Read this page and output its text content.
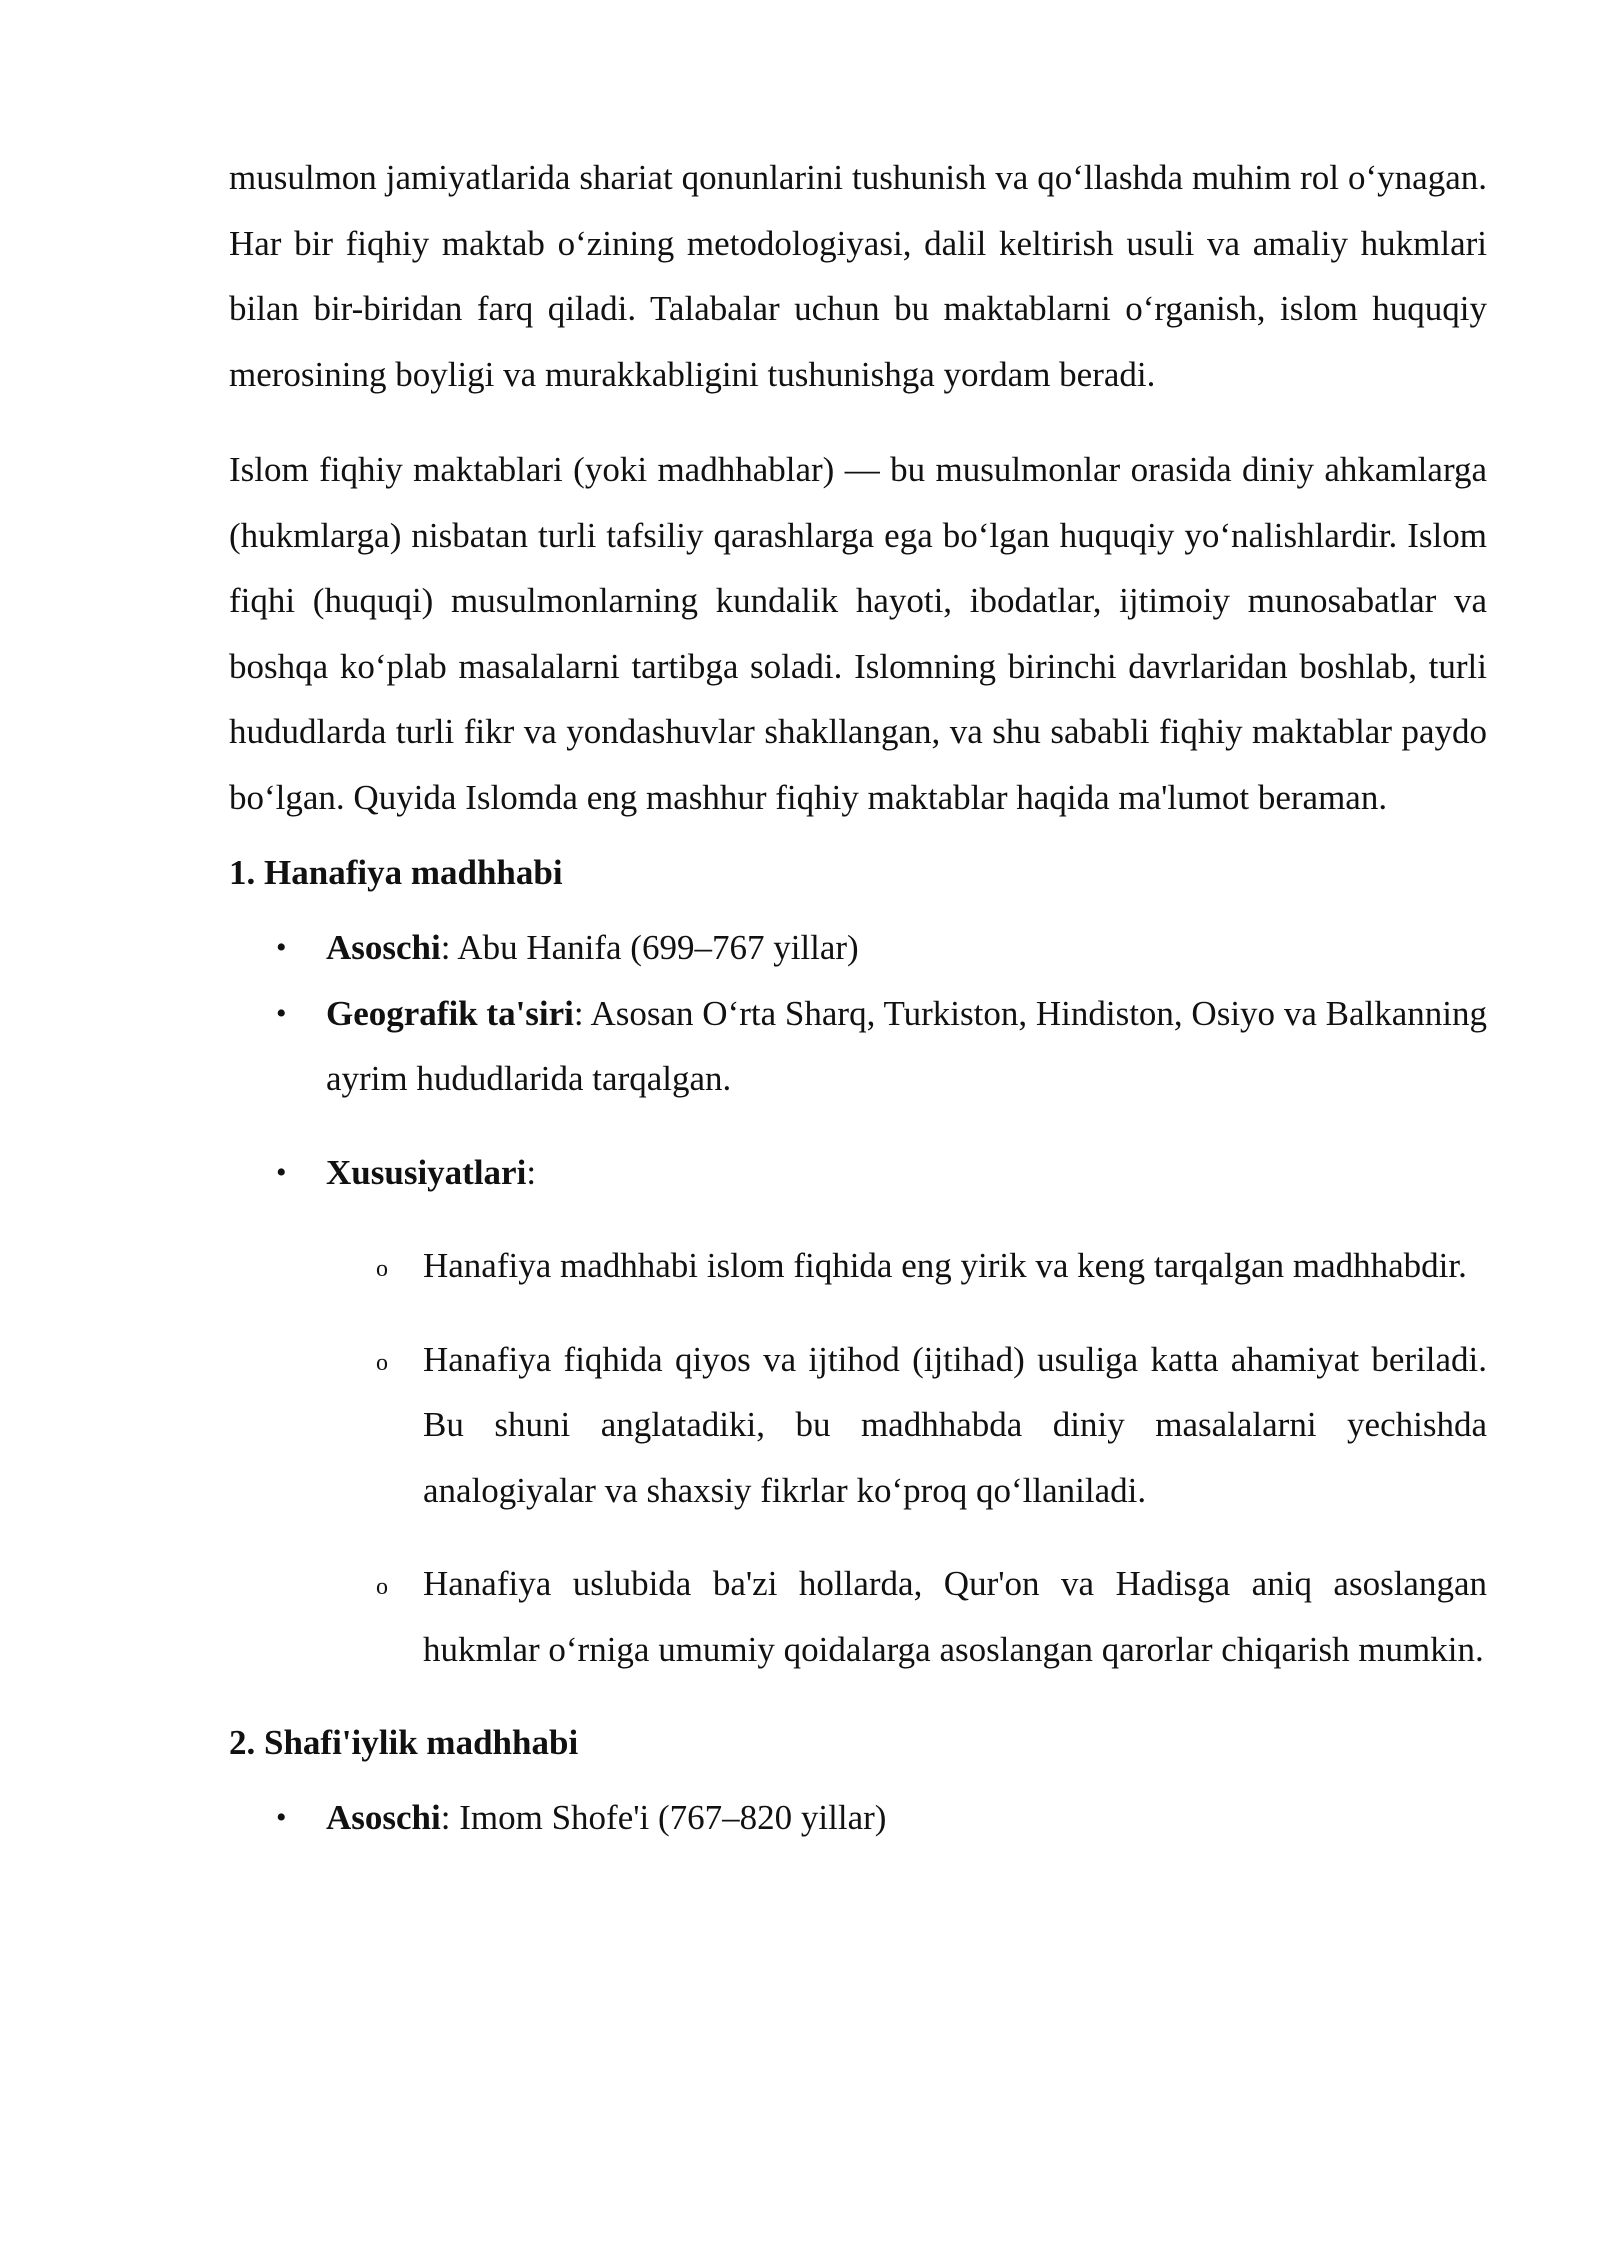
musulmon jamiyatlarida shariat qonunlarini tushunish va qo‘llashda muhim rol o‘ynagan. Har bir fiqhiy maktab o‘zining metodologiyasi, dalil keltirish usuli va amaliy hukmlari bilan bir-biridan farq qiladi. Talabalar uchun bu maktablarni o‘rganish, islom huquqiy merosining boyligi va murakkabligini tushunishga yordam beradi.

Islom fiqhiy maktablari (yoki madhhablar) — bu musulmonlar orasida diniy ahkamlarga (hukmlarga) nisbatan turli tafsiliy qarashlarga ega bo‘lgan huquqiy yo‘nalishlardir. Islom fiqhi (huquqi) musulmonlarning kundalik hayoti, ibodatlar, ijtimoiy munosabatlar va boshqa ko‘plab masalalarni tartibga soladi. Islomning birinchi davrlaridan boshlab, turli hududlarda turli fikr va yondashuvlar shakllangan, va shu sababli fiqhiy maktablar paydo bo‘lgan. Quyida Islomda eng mashhur fiqhiy maktablar haqida ma'lumot beraman.

1. Hanafiya madhhabi
• Asoschi: Abu Hanifa (699–767 yillar)
• Geografik ta'siri: Asosan O‘rta Sharq, Turkiston, Hindiston, Osiyo va Balkanning ayrim hududlarida tarqalgan.
• Xususiyatlari:
o Hanafiya madhhabi islom fiqhida eng yirik va keng tarqalgan madhhabdir.
o Hanafiya fiqhida qiyos va ijtihod (ijtihad) usuliga katta ahamiyat beriladi. Bu shuni anglatadiki, bu madhhabda diniy masalalarni yechishda analogiyalar va shaxsiy fikrlar ko‘proq qo‘llaniladi.
o Hanafiya uslubida ba'zi hollarda, Qur'on va Hadisga aniq asoslangan hukmlar o‘rniga umumiy qoidalarga asoslangan qarorlar chiqarish mumkin.
2. Shafi'iylik madhhabi
• Asoschi: Imom Shofe'i (767–820 yillar)
